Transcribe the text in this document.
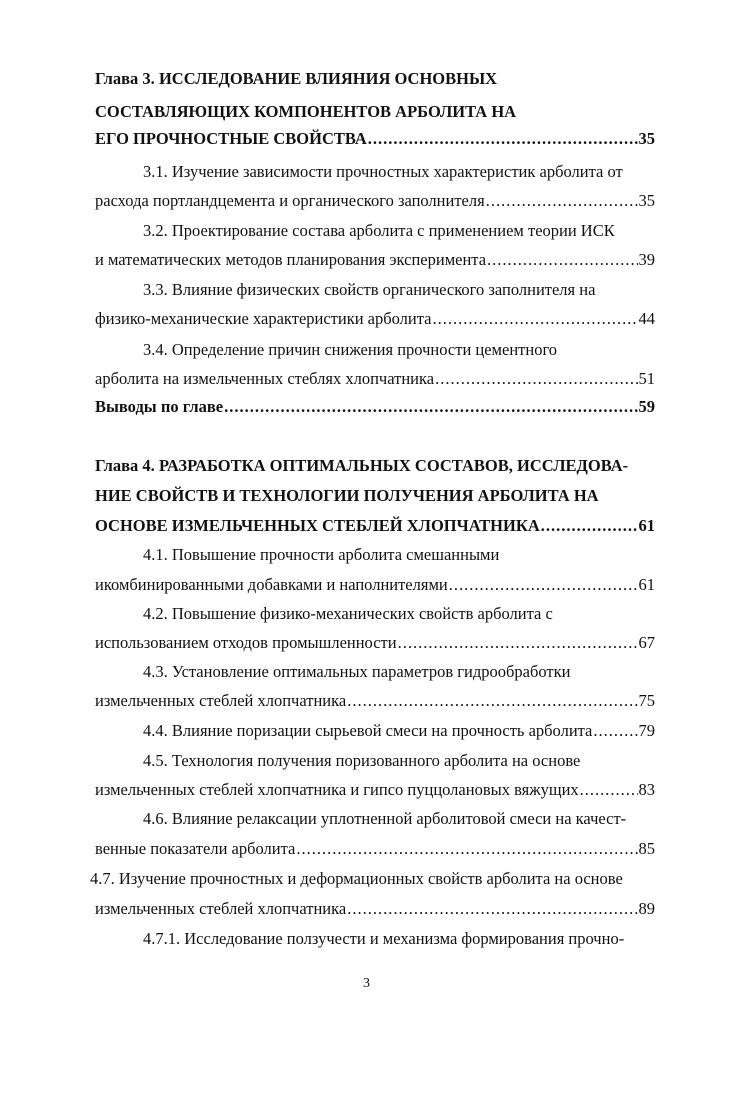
Глава 3. ИССЛЕДОВАНИЕ ВЛИЯНИЯ ОСНОВНЫХ
СОСТАВЛЯЮЩИХ КОМПОНЕНТОВ АРБОЛИТА НА
ЕГО ПРОЧНОСТНЫЕ СВОЙСТВА .....	35
3.1. Изучение зависимости прочностных характеристик арболита от
расхода портландцемента и органического заполнителя .....	35
3.2. Проектирование состава арболита с применением теории ИСК
и математических методов планирования эксперимента .....	39
3.3. Влияние физических свойств органического заполнителя на
физико-механические характеристики арболита .....	44
3.4. Определение причин снижения прочности цементного
арболита на измельченных стеблях хлопчатника .....	51
Выводы по главе .....	59
Глава 4. РАЗРАБОТКА ОПТИМАЛЬНЫХ СОСТАВОВ, ИССЛЕДОВА-
НИЕ СВОЙСТВ И ТЕХНОЛОГИИ ПОЛУЧЕНИЯ АРБОЛИТА НА
ОСНОВЕ ИЗМЕЛЬЧЕННЫХ СТЕБЛЕЙ ХЛОПЧАТНИКА .....	61
4.1. Повышение прочности арболита смешанными
икомбинированными добавками и наполнителями .....	61
4.2. Повышение физико-механических свойств арболита с
использованием отходов промышленности .....	67
4.3. Установление оптимальных параметров гидрообработки
измельченных стеблей хлопчатника .....	75
4.4. Влияние поризации сырьевой смеси на прочность арболита .....	79
4.5. Технология получения поризованного арболита на основе
измельченных стеблей хлопчатника и гипсо пуццолановых вяжущих .....	83
4.6. Влияние релаксации уплотненной арболитовой смеси на качест-
венные показатели арболита .....	85
4.7. Изучение прочностных и деформационных свойств арболита на основе
измельченных стеблей хлопчатника .....	89
4.7.1. Исследование ползучести и механизма формирования прочно-
3
